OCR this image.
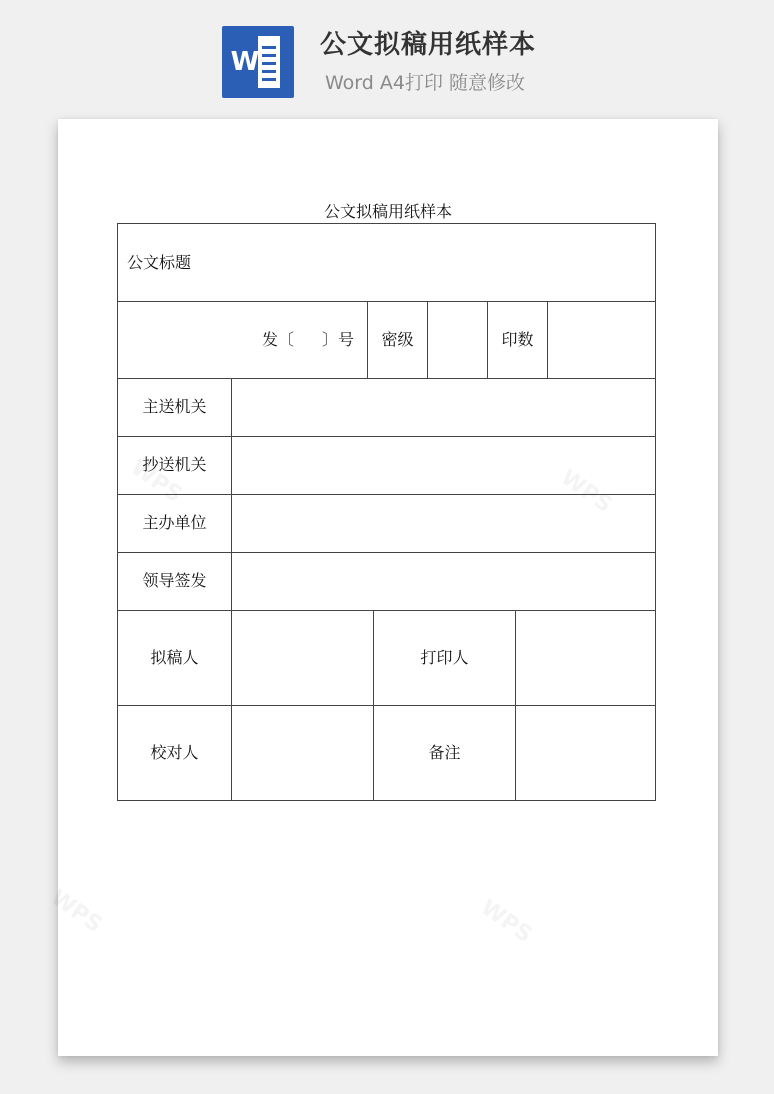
W
公文拟稿用纸样本
Word A4打印 随意修改
公文拟稿用纸样本
公文标题
发〔 〕号	密级	印数
主送机关
抄送机关
主办单位
领导签发
拟稿人	打印人
校对人	备注
